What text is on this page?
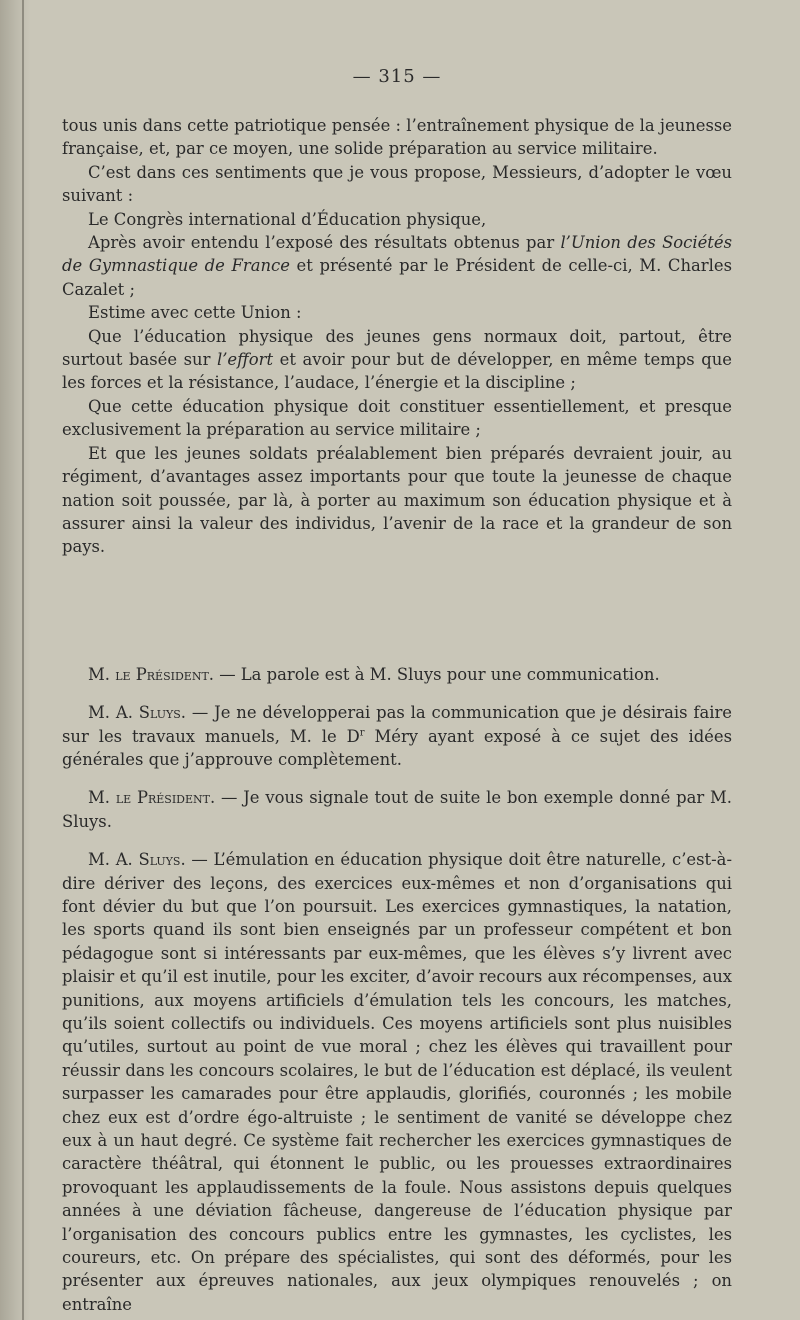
— 315 —

tous unis dans cette patriotique pensée : l’entraînement physique de la jeunesse française, et, par ce moyen, une solide préparation au service militaire.

C’est dans ces sentiments que je vous propose, Messieurs, d’adopter le vœu suivant :

Le Congrès international d’Éducation physique,

Après avoir entendu l’exposé des résultats obtenus par l’Union des Sociétés de Gymnastique de France et présenté par le Président de celle-ci, M. Charles Cazalet ;

Estime avec cette Union :

Que l’éducation physique des jeunes gens normaux doit, partout, être surtout basée sur l’effort et avoir pour but de développer, en même temps que les forces et la résistance, l’audace, l’énergie et la discipline ;

Que cette éducation physique doit constituer essentiellement, et presque exclusivement la préparation au service militaire ;

Et que les jeunes soldats préalablement bien préparés devraient jouir, au régiment, d’avantages assez importants pour que toute la jeunesse de chaque nation soit poussée, par là, à porter au maximum son éducation physique et à assurer ainsi la valeur des individus, l’avenir de la race et la grandeur de son pays.

M. le Président. — La parole est à M. Sluys pour une communication.

M. A. Sluys. — Je ne développerai pas la communication que je désirais faire sur les travaux manuels, M. le $D^r$ Méry ayant exposé à ce sujet des idées générales que j’approuve complètement.

M. le Président. — Je vous signale tout de suite le bon exemple donné par M. Sluys.

M. A. Sluys. — L’émulation en éducation physique doit être naturelle, c’est-à-dire dériver des leçons, des exercices eux-mêmes et non d’organisations qui font dévier du but que l’on poursuit. Les exercices gymnastiques, la natation, les sports quand ils sont bien enseignés par un professeur compétent et bon pédagogue sont si intéressants par eux-mêmes, que les élèves s’y livrent avec plaisir et qu’il est inutile, pour les exciter, d’avoir recours aux récompenses, aux punitions, aux moyens artificiels d’émulation tels les concours, les matches, qu’ils soient collectifs ou individuels. Ces moyens artificiels sont plus nuisibles qu’utiles, surtout au point de vue moral ; chez les élèves qui travaillent pour réussir dans les concours scolaires, le but de l’éducation est déplacé, ils veulent surpasser les camarades pour être applaudis, glorifiés, couronnés ; les mobile chez eux est d’ordre égo-altruiste ; le sentiment de vanité se développe chez eux à un haut degré. Ce système fait rechercher les exercices gymnastiques de caractère théâtral, qui étonnent le public, ou les prouesses extraordinaires provoquant les applaudissements de la foule. Nous assistons depuis quelques années à une déviation fâcheuse, dangereuse de l’éducation physique par l’organisation des concours publics entre les gymnastes, les cyclistes, les coureurs, etc. On prépare des spécialistes, qui sont des déformés, pour les présenter aux épreuves nationales, aux jeux olympiques renouvelés ; on entraîne
